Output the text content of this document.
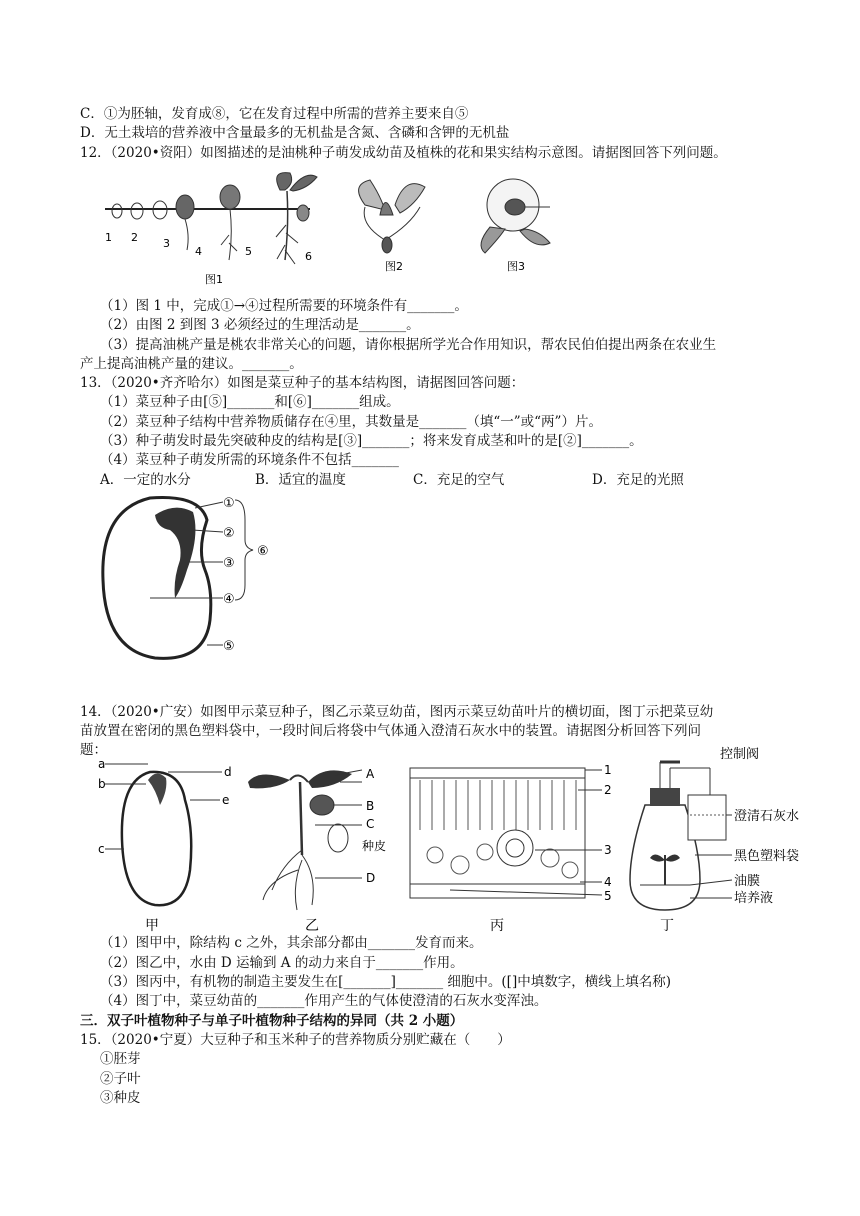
C．①为胚轴，发育成⑧，它在发育过程中所需的营养主要来自⑤
D．无土栽培的营养液中含量最多的无机盐是含氮、含磷和含钾的无机盐
12．（2020•资阳）如图描述的是油桃种子萌发成幼苗及植株的花和果实结构示意图。请据图回答下列问题。
1 2 3
4	5	6
图1
图2	图3
（1）图 1 中，完成①→④过程所需要的环境条件有_______。
（2）由图 2 到图 3 必须经过的生理活动是_______。
（3）提高油桃产量是桃农非常关心的问题，请你根据所学光合作用知识，帮农民伯伯提出两条在农业生
产上提高油桃产量的建议。_______。
13．（2020•齐齐哈尔）如图是菜豆种子的基本结构图，请据图回答问题：
（1）菜豆种子由[⑤]_______和[⑥]_______组成。
（2）菜豆种子结构中营养物质储存在④里，其数量是_______（填“一”或“两”）片。
（3）种子萌发时最先突破种皮的结构是[③]_______；将来发育成茎和叶的是[②]_______。
（4）菜豆种子萌发所需的环境条件不包括_______
A．一定的水分	B．适宜的温度	C．充足的空气	D．充足的光照
①
②
③
④
⑤
⑥
14．（2020•广安）如图甲示菜豆种子，图乙示菜豆幼苗，图丙示菜豆幼苗叶片的横切面，图丁示把菜豆幼
苗放置在密闭的黑色塑料袋中，一段时间后将袋中气体通入澄清石灰水中的装置。请据图分析回答下列问
题：
a
b
c
d
e
A
B
C
种皮
D
1
2
3
4
5
控制阀
澄清石灰水
黑色塑料袋
油膜
培养液
甲	乙	丙	丁
（1）图甲中，除结构 c 之外，其余部分都由_______发育而来。
（2）图乙中，水由 D 运输到 A 的动力来自于_______作用。
（3）图丙中，有机物的制造主要发生在[_______]_______ 细胞中。([]中填数字，横线上填名称)
（4）图丁中，菜豆幼苗的_______作用产生的气体使澄清的石灰水变浑浊。
三．双子叶植物种子与单子叶植物种子结构的异同（共 2 小题）
15．（2020•宁夏）大豆种子和玉米种子的营养物质分别贮藏在（　　）
①胚芽
②子叶
③种皮
